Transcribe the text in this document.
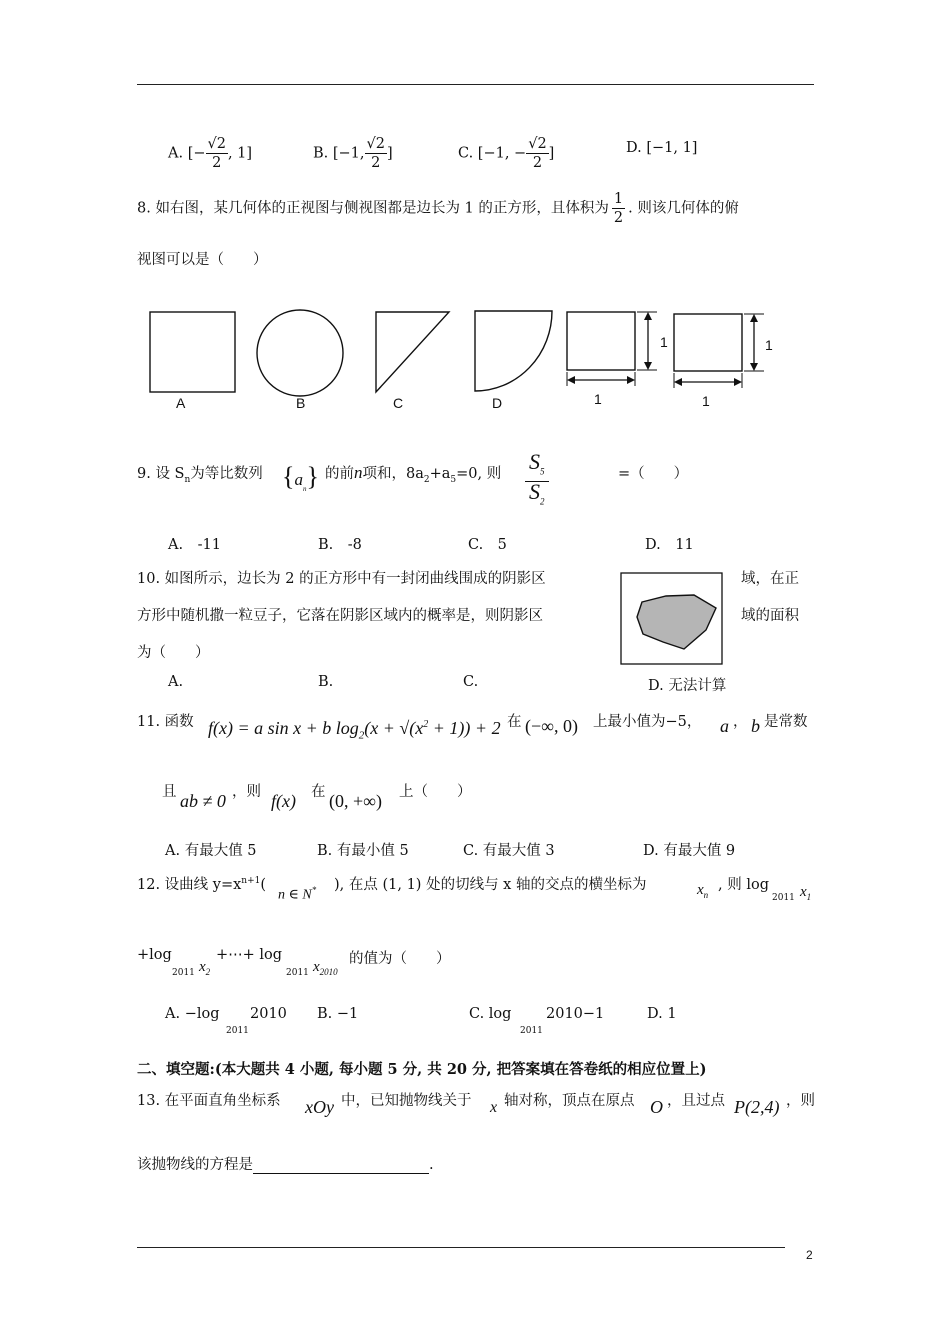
A. [− $\frac{√2}{2}$ , 1]	B. [−1, $\frac{√2}{2}$ ]	C. [−1, − $\frac{√2}{2}$ ]	D. [−1, 1]
8. 如右图，某几何体的正视图与侧视图都是边长为 1 的正方形，且体积为 $\frac{1}{2}$ . 则该几何体的俯
视图可以是（　　）
A	B	C	D
1
1
1
1
9. 设 $S_n$为等比数列 $\{a_n\}$ 的前n项和，$8a_2+a_5=0$, 则 $S_5$
$S_2$
=（　　）
A.　-11	B.　-8	C.　5	D.　11
10. 如图所示，边长为 2 的正方形中有一封闭曲线围成的阴影区	域，在正
方形中随机撒一粒豆子，它落在阴影区域内的概率是，则阴影区	域的面积
为（　　）
A.	B.	C.	D. 无法计算
11. 函数 f(x) = a sin x + b $\log_2(x + √(x^2 + 1)) + 2$ 在 (−∞, 0) 上最小值为−5， a ， b 是常数
且 ab ≠ 0 ，则 f(x) 在 (0, +∞) 上（　　）
A. 有最大值 5	B. 有最小值 5	C. 有最大值 3	D. 有最大值 9
12. 设曲线 $y=x^{n+1}$(
n ∈ N* ), 在点 (1, 1) 处的切线与 x 轴的交点的横坐标为	$x_n$
, 则 log
2011 $x_1$
+log
2011 $x_2$
+⋯+ log
2011 $x_{2010}$
的值为（　　）
A. −log
2011
2010 B. −1	C. log
2011
2010−1	D. 1
二、填空题:(本大题共 4 小题, 每小题 5 分, 共 20 分, 把答案填在答卷纸的相应位置上)
13. 在平面直角坐标系 xOy 中，已知抛物线关于 x 轴对称，顶点在原点 O ，且过点 P(2,4) ，则
该抛物线的方程是	.
2
